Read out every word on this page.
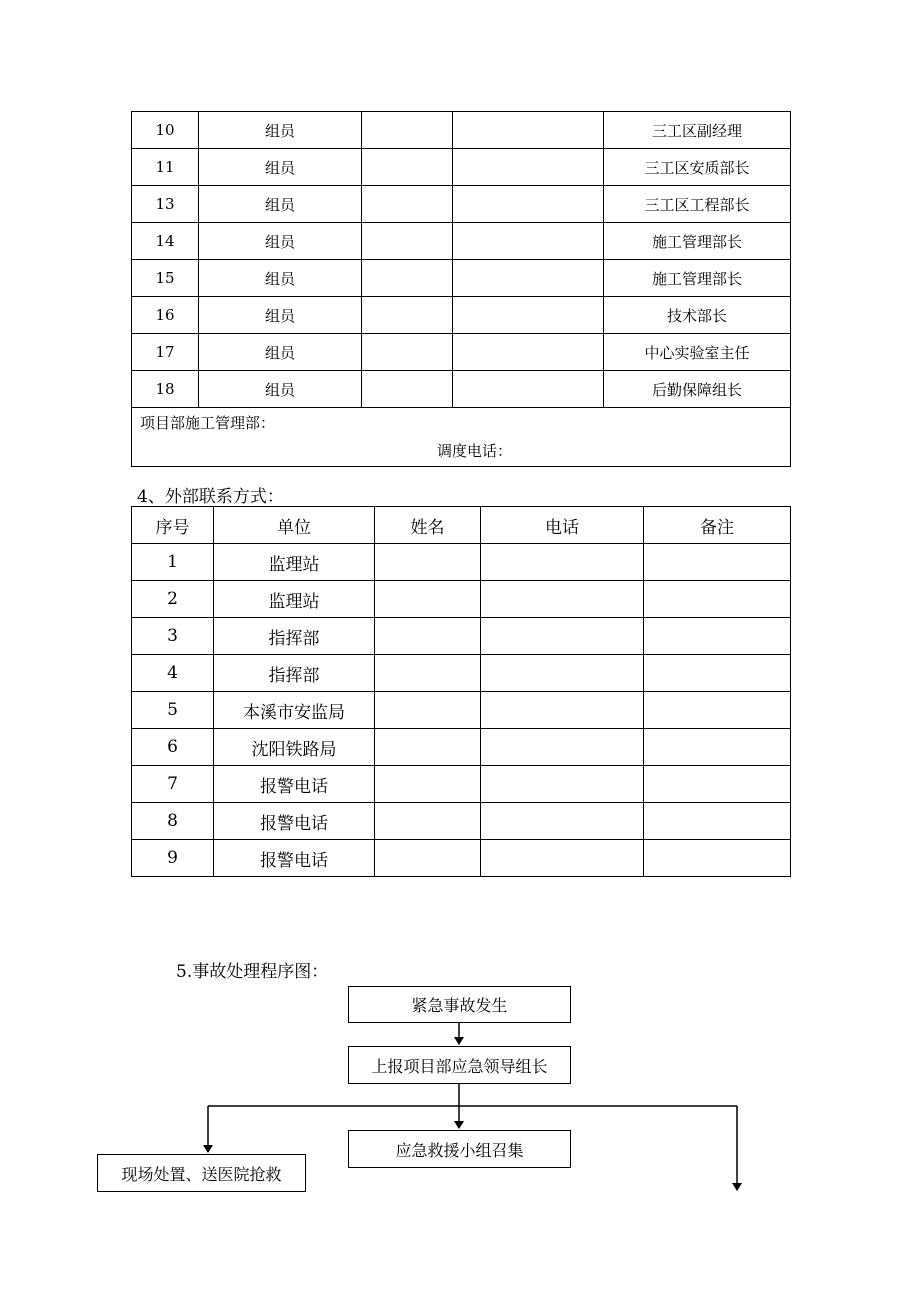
10	组员			三工区副经理
11	组员			三工区安质部长
13	组员			三工区工程部长
14	组员			施工管理部长
15	组员			施工管理部长
16	组员			技术部长
17	组员			中心实验室主任
18	组员			后勤保障组长

项目部施工管理部：
调度电话：				
4、外部联系方式：
序号	单位	姓名	电话	备注
1	监理站			
2	监理站			
3	指挥部			
4	指挥部			
5	本溪市安监局			
6	沈阳铁路局			
7	报警电话			
8	报警电话			
9	报警电话			
5.事故处理程序图：
紧急事故发生
上报项目部应急领导组长
应急救援小组召集
现场处置、送医院抢救
